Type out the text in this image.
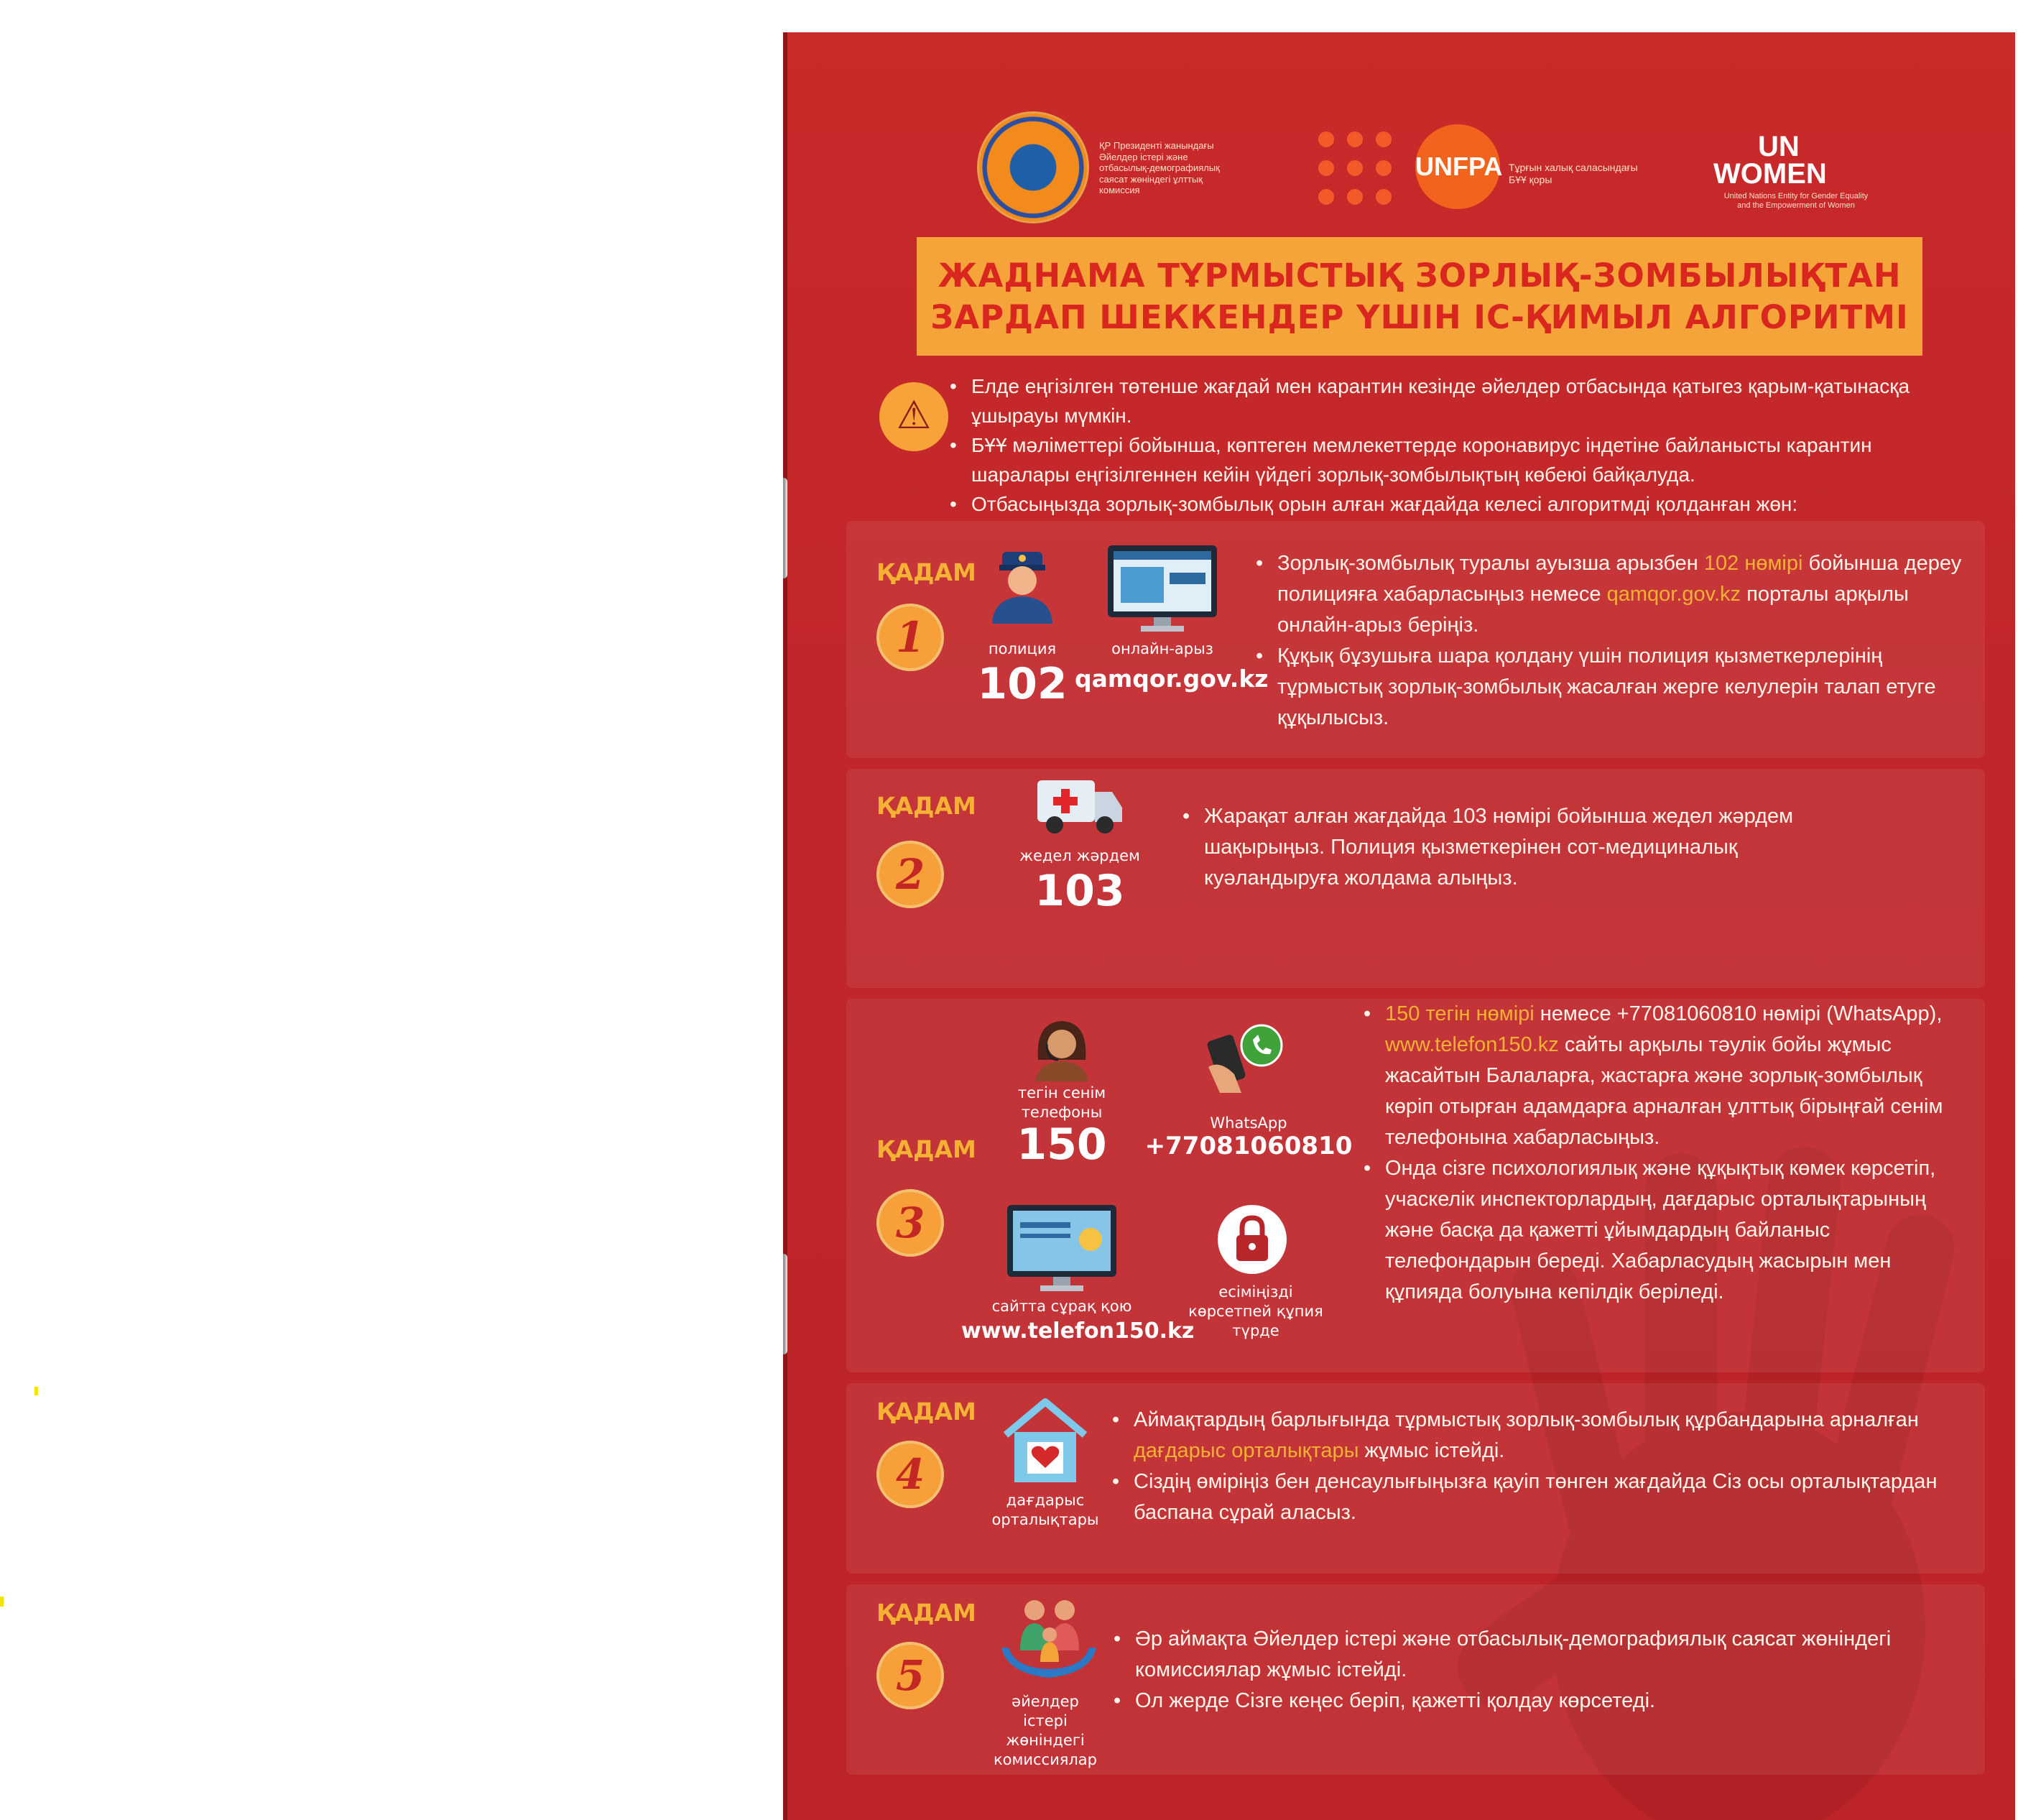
ҚР Президенті жанындағы
Әйелдер істері және
отбасылық-демографиялық
саясат жөніндегі ұлттық
комиссия
UNFPA Тұрғын халық саласындағы
БҰҰ қоры
UN
WOMEN
United Nations Entity for Gender Equality
and the Empowerment of Women
ЖАДНАМА ТҰРМЫСТЫҚ ЗОРЛЫҚ-ЗОМБЫЛЫҚТАН
ЗАРДАП ШЕККЕНДЕР ҮШІН ІС-ҚИМЫЛ АЛГОРИТМІ
⚠
• Елде еңгізілген төтенше жағдай мен карантин кезінде әйелдер отбасында қатыгез қарым-қатынасқа ұшырауы мүмкін.
• БҰҰ мәліметтері бойынша, көптеген мемлекеттерде коронавирус індетіне байланысты карантин шаралары еңгізілгеннен кейін үйдегі зорлық-зомбылықтың көбеюі байқалуда.
• Отбасыңызда зорлық-зомбылық орын алған жағдайда келесі алгоритмді қолданған жөн:
ҚАДАМ
1	полиция
102
онлайн-арыз
qamqor.gov.kz
• Зорлық-зомбылық туралы ауызша арызбен 102 нөмірі бойынша дереу полицияға хабарласыңыз немесе qamqor.gov.kz порталы арқылы онлайн-арыз беріңіз.
• Құқық бұзушыға шара қолдану үшін полиция қызметкерлерінің тұрмыстық зорлық-зомбылық жасалған жерге келулерін талап етуге құқылысыз.
ҚАДАМ
2	жедел жәрдем
103
• Жарақат алған жағдайда 103 нөмірі бойынша жедел жәрдем шақырыңыз. Полиция қызметкерінен сот-медициналық куәландыруға жолдама алыңыз.
ҚАДАМ
3
тегін сенім телефоны
150	WhatsApp
+77081060810
сайтта сұрақ қою
www.telefon150.kz
есіміңізді көрсетпей құпия түрде
• 150 тегін нөмірі немесе +77081060810 нөмірі (WhatsApp), www.telefon150.kz сайты арқылы тәулік бойы жұмыс жасайтын Балаларға, жастарға және зорлық-зомбылық көріп отырған адамдарға арналған ұлттық бірыңғай сенім телефонына хабарласыңыз.
• Онда сізге психологиялық және құқықтық көмек көрсетіп, учаскелік инспекторлардың, дағдарыс орталықтарының және басқа да қажетті ұйымдардың байланыс телефондарын береді. Хабарласудың жасырын мен құпияда болуына кепілдік беріледі.
ҚАДАМ
4
дағдарыс орталықтары
• Аймақтардың барлығында тұрмыстық зорлық-зомбылық құрбандарына арналған дағдарыс орталықтары жұмыс істейді.
• Сіздің өміріңіз бен денсаулығыңызға қауіп төнген жағдайда Сіз осы орталықтардан баспана сұрай аласыз.
ҚАДАМ
5
әйелдер істері жөніндегі комиссиялар
• Әр аймақта Әйелдер істері және отбасылық-демографиялық саясат жөніндегі комиссиялар жұмыс істейді.
• Ол жерде Сізге кеңес беріп, қажетті қолдау көрсетеді.
